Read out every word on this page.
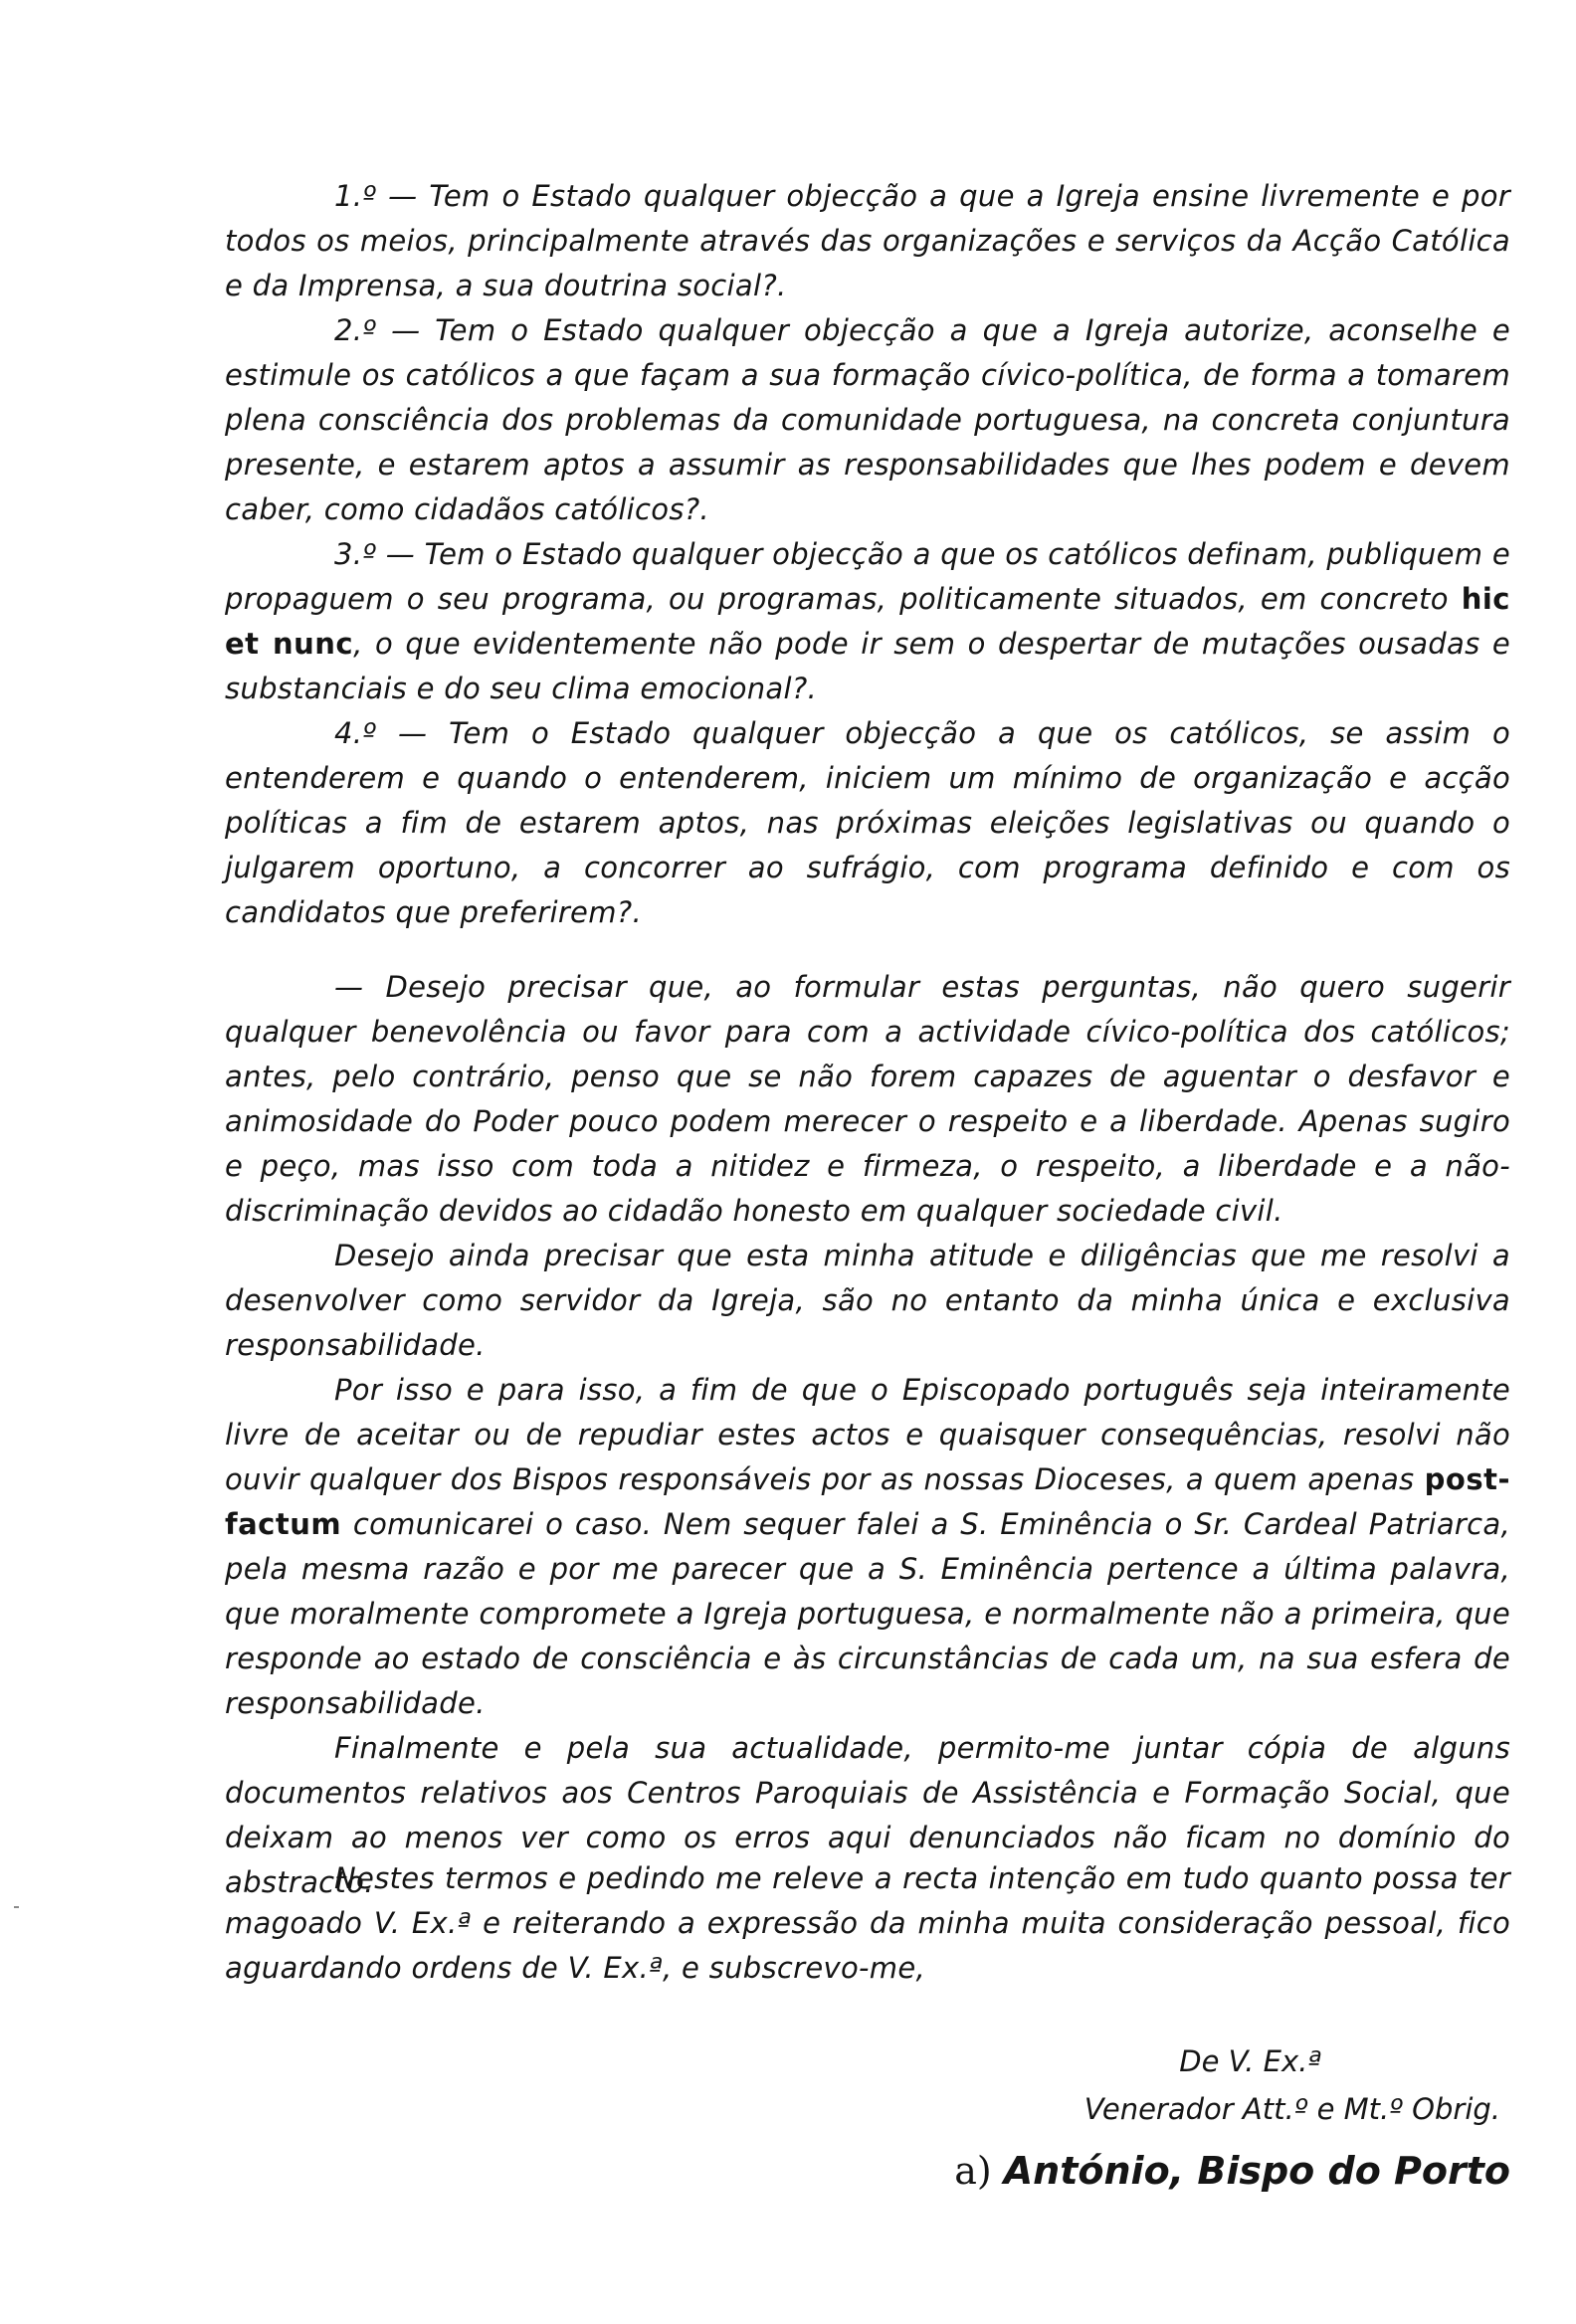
1.º — Tem o Estado qualquer objecção a que a Igreja ensine livremente e por todos os meios, principalmente através das organizações e serviços da Acção Católica e da Imprensa, a sua doutrina social?.

2.º — Tem o Estado qualquer objecção a que a Igreja autorize, aconselhe e estimule os católicos a que façam a sua formação cívico-política, de forma a tomarem plena consciência dos problemas da comunidade portuguesa, na concreta conjuntura presente, e estarem aptos a assumir as responsabilidades que lhes podem e devem caber, como cidadãos católicos?.

3.º — Tem o Estado qualquer objecção a que os católicos definam, publiquem e propaguem o seu programa, ou programas, politicamente situados, em concreto hic et nunc, o que evidentemente não pode ir sem o despertar de mutações ousadas e substanciais e do seu clima emocional?.

4.º — Tem o Estado qualquer objecção a que os católicos, se assim o entenderem e quando o entenderem, iniciem um mínimo de organização e acção políticas a fim de estarem aptos, nas próximas eleições legislativas ou quando o julgarem oportuno, a concorrer ao sufrágio, com programa definido e com os candidatos que preferirem?.

— Desejo precisar que, ao formular estas perguntas, não quero sugerir qualquer benevolência ou favor para com a actividade cívico-política dos católicos; antes, pelo contrário, penso que se não forem capazes de aguentar o desfavor e animosidade do Poder pouco podem merecer o respeito e a liberdade. Apenas sugiro e peço, mas isso com toda a nitidez e firmeza, o respeito, a liberdade e a não-discriminação devidos ao cidadão honesto em qualquer sociedade civil.

Desejo ainda precisar que esta minha atitude e diligências que me resolvi a desenvolver como servidor da Igreja, são no entanto da minha única e exclusiva responsabilidade.

Por isso e para isso, a fim de que o Episcopado português seja inteiramente livre de aceitar ou de repudiar estes actos e quaisquer consequências, resolvi não ouvir qualquer dos Bispos responsáveis por as nossas Dioceses, a quem apenas post-factum comunicarei o caso. Nem sequer falei a S. Eminência o Sr. Cardeal Patriarca, pela mesma razão e por me parecer que a S. Eminência pertence a última palavra, que moralmente compromete a Igreja portuguesa, e normalmente não a primeira, que responde ao estado de consciência e às circunstâncias de cada um, na sua esfera de responsabilidade.

Finalmente e pela sua actualidade, permito-me juntar cópia de alguns documentos relativos aos Centros Paroquiais de Assistência e Formação Social, que deixam ao menos ver como os erros aqui denunciados não ficam no domínio do abstracto.

Nestes termos e pedindo me releve a recta intenção em tudo quanto possa ter magoado V. Ex.ª e reiterando a expressão da minha muita consideração pessoal, fico aguardando ordens de V. Ex.ª, e subscrevo-me,

De V. Ex.ª
Venerador Att.º e Mt.º Obrig.
a) António, Bispo do Porto
